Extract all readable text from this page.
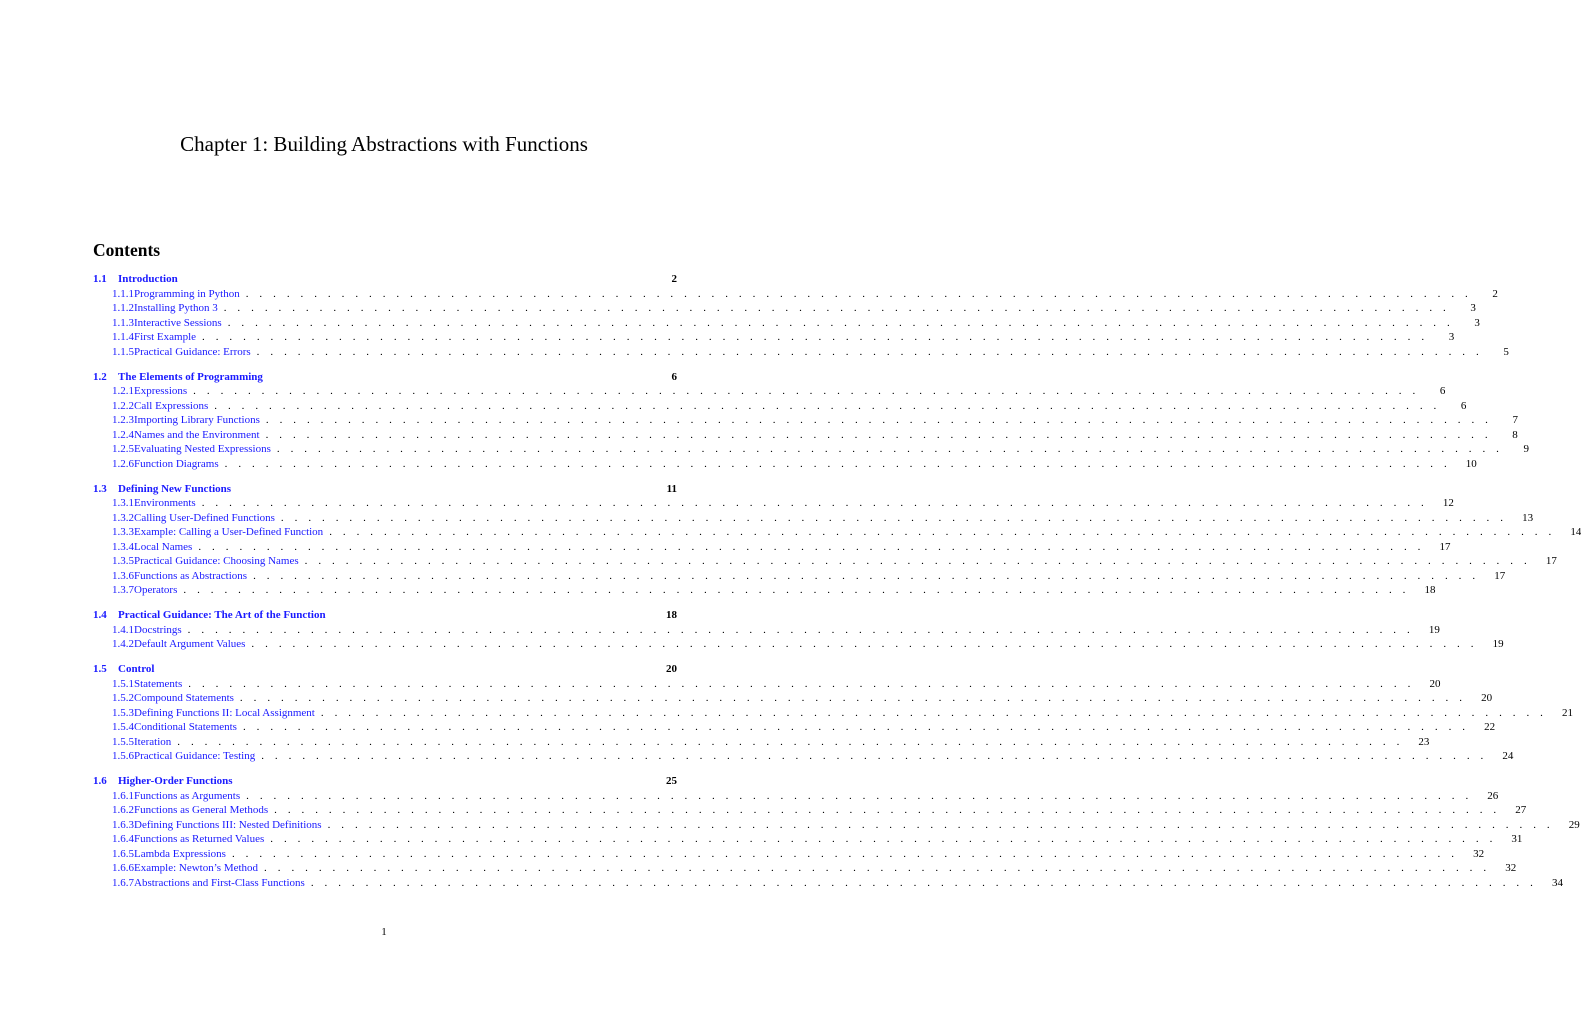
Chapter 1: Building Abstractions with Functions
Contents
1.1	Introduction	2
1.1.1 Programming in Python . . . . . . . . . . . . . . . . . . . . . . . . . . . . . . . . . . . . . . . . . . . . . . . . . . . . . . . . . . . . . . . . . . . . . . . . . . . . . . . . . . . . . . . . . .	2
1.1.2 Installing Python 3 . . . . . . . . . . . . . . . . . . . . . . . . . . . . . . . . . . . . . . . . . . . . . . . . . . . . . . . . . . . . . . . . . . . . . . . . . . . . . . . . . . . . . . . . . .	3
1.1.3 Interactive Sessions . . . . . . . . . . . . . . . . . . . . . . . . . . . . . . . . . . . . . . . . . . . . . . . . . . . . . . . . . . . . . . . . . . . . . . . . . . . . . . . . . . . . . . . . . .	3
1.1.4 First Example . . . . . . . . . . . . . . . . . . . . . . . . . . . . . . . . . . . . . . . . . . . . . . . . . . . . . . . . . . . . . . . . . . . . . . . . . . . . . . . . . . . . . . . . . .	3
1.1.5 Practical Guidance: Errors . . . . . . . . . . . . . . . . . . . . . . . . . . . . . . . . . . . . . . . . . . . . . . . . . . . . . . . . . . . . . . . . . . . . . . . . . . . . . . . . . . . . . . . . . .	5
1.2	The Elements of Programming	6
1.2.1 Expressions . . . . . . . . . . . . . . . . . . . . . . . . . . . . . . . . . . . . . . . . . . . . . . . . . . . . . . . . . . . . . . . . . . . . . . . . . . . . . . . . . . . . . . . . . .	6
1.2.2 Call Expressions . . . . . . . . . . . . . . . . . . . . . . . . . . . . . . . . . . . . . . . . . . . . . . . . . . . . . . . . . . . . . . . . . . . . . . . . . . . . . . . . . . . . . . . . . .	6
1.2.3 Importing Library Functions . . . . . . . . . . . . . . . . . . . . . . . . . . . . . . . . . . . . . . . . . . . . . . . . . . . . . . . . . . . . . . . . . . . . . . . . . . . . . . . . . . . . . . . . . .	7
1.2.4 Names and the Environment . . . . . . . . . . . . . . . . . . . . . . . . . . . . . . . . . . . . . . . . . . . . . . . . . . . . . . . . . . . . . . . . . . . . . . . . . . . . . . . . . . . . . . . . . .	8
1.2.5 Evaluating Nested Expressions . . . . . . . . . . . . . . . . . . . . . . . . . . . . . . . . . . . . . . . . . . . . . . . . . . . . . . . . . . . . . . . . . . . . . . . . . . . . . . . . . . . . . . . . . .	9
1.2.6 Function Diagrams . . . . . . . . . . . . . . . . . . . . . . . . . . . . . . . . . . . . . . . . . . . . . . . . . . . . . . . . . . . . . . . . . . . . . . . . . . . . . . . . . . . . . . . . . .	10
1.3	Defining New Functions	11
1.3.1 Environments . . . . . . . . . . . . . . . . . . . . . . . . . . . . . . . . . . . . . . . . . . . . . . . . . . . . . . . . . . . . . . . . . . . . . . . . . . . . . . . . . . . . . . . . . .	12
1.3.2 Calling User-Defined Functions . . . . . . . . . . . . . . . . . . . . . . . . . . . . . . . . . . . . . . . . . . . . . . . . . . . . . . . . . . . . . . . . . . . . . . . . . . . . . . . . . . . . . . . . . .	13
1.3.3 Example: Calling a User-Defined Function . . . . . . . . . . . . . . . . . . . . . . . . . . . . . . . . . . . . . . . . . . . . . . . . . . . . . . . . . . . . . . . . . . . . . . . . . . . . . . . . . . . . . . . . . .	14
1.3.4 Local Names . . . . . . . . . . . . . . . . . . . . . . . . . . . . . . . . . . . . . . . . . . . . . . . . . . . . . . . . . . . . . . . . . . . . . . . . . . . . . . . . . . . . . . . . . .	17
1.3.5 Practical Guidance: Choosing Names . . . . . . . . . . . . . . . . . . . . . . . . . . . . . . . . . . . . . . . . . . . . . . . . . . . . . . . . . . . . . . . . . . . . . . . . . . . . . . . . . . . . . . . . . .	17
1.3.6 Functions as Abstractions . . . . . . . . . . . . . . . . . . . . . . . . . . . . . . . . . . . . . . . . . . . . . . . . . . . . . . . . . . . . . . . . . . . . . . . . . . . . . . . . . . . . . . . . . .	17
1.3.7 Operators . . . . . . . . . . . . . . . . . . . . . . . . . . . . . . . . . . . . . . . . . . . . . . . . . . . . . . . . . . . . . . . . . . . . . . . . . . . . . . . . . . . . . . . . . .	18
1.4	Practical Guidance: The Art of the Function	18
1.4.1 Docstrings . . . . . . . . . . . . . . . . . . . . . . . . . . . . . . . . . . . . . . . . . . . . . . . . . . . . . . . . . . . . . . . . . . . . . . . . . . . . . . . . . . . . . . . . . .	19
1.4.2 Default Argument Values . . . . . . . . . . . . . . . . . . . . . . . . . . . . . . . . . . . . . . . . . . . . . . . . . . . . . . . . . . . . . . . . . . . . . . . . . . . . . . . . . . . . . . . . . .	19
1.5	Control	20
1.5.1 Statements . . . . . . . . . . . . . . . . . . . . . . . . . . . . . . . . . . . . . . . . . . . . . . . . . . . . . . . . . . . . . . . . . . . . . . . . . . . . . . . . . . . . . . . . . .	20
1.5.2 Compound Statements . . . . . . . . . . . . . . . . . . . . . . . . . . . . . . . . . . . . . . . . . . . . . . . . . . . . . . . . . . . . . . . . . . . . . . . . . . . . . . . . . . . . . . . . . .	20
1.5.3 Defining Functions II: Local Assignment . . . . . . . . . . . . . . . . . . . . . . . . . . . . . . . . . . . . . . . . . . . . . . . . . . . . . . . . . . . . . . . . . . . . . . . . . . . . . . . . . . . . . . . . . .	21
1.5.4 Conditional Statements . . . . . . . . . . . . . . . . . . . . . . . . . . . . . . . . . . . . . . . . . . . . . . . . . . . . . . . . . . . . . . . . . . . . . . . . . . . . . . . . . . . . . . . . . .	22
1.5.5 Iteration . . . . . . . . . . . . . . . . . . . . . . . . . . . . . . . . . . . . . . . . . . . . . . . . . . . . . . . . . . . . . . . . . . . . . . . . . . . . . . . . . . . . . . . . . .	23
1.5.6 Practical Guidance: Testing . . . . . . . . . . . . . . . . . . . . . . . . . . . . . . . . . . . . . . . . . . . . . . . . . . . . . . . . . . . . . . . . . . . . . . . . . . . . . . . . . . . . . . . . . .	24
1.6	Higher-Order Functions	25
1.6.1 Functions as Arguments . . . . . . . . . . . . . . . . . . . . . . . . . . . . . . . . . . . . . . . . . . . . . . . . . . . . . . . . . . . . . . . . . . . . . . . . . . . . . . . . . . . . . . . . . .	26
1.6.2 Functions as General Methods . . . . . . . . . . . . . . . . . . . . . . . . . . . . . . . . . . . . . . . . . . . . . . . . . . . . . . . . . . . . . . . . . . . . . . . . . . . . . . . . . . . . . . . . . .	27
1.6.3 Defining Functions III: Nested Definitions . . . . . . . . . . . . . . . . . . . . . . . . . . . . . . . . . . . . . . . . . . . . . . . . . . . . . . . . . . . . . . . . . . . . . . . . . . . . . . . . . . . . . . . . . .	29
1.6.4 Functions as Returned Values . . . . . . . . . . . . . . . . . . . . . . . . . . . . . . . . . . . . . . . . . . . . . . . . . . . . . . . . . . . . . . . . . . . . . . . . . . . . . . . . . . . . . . . . . .	31
1.6.5 Lambda Expressions . . . . . . . . . . . . . . . . . . . . . . . . . . . . . . . . . . . . . . . . . . . . . . . . . . . . . . . . . . . . . . . . . . . . . . . . . . . . . . . . . . . . . . . . . .	32
1.6.6 Example: Newton’s Method . . . . . . . . . . . . . . . . . . . . . . . . . . . . . . . . . . . . . . . . . . . . . . . . . . . . . . . . . . . . . . . . . . . . . . . . . . . . . . . . . . . . . . . . . .	32
1.6.7 Abstractions and First-Class Functions . . . . . . . . . . . . . . . . . . . . . . . . . . . . . . . . . . . . . . . . . . . . . . . . . . . . . . . . . . . . . . . . . . . . . . . . . . . . . . . . . . . . . . . . . .	34
1
